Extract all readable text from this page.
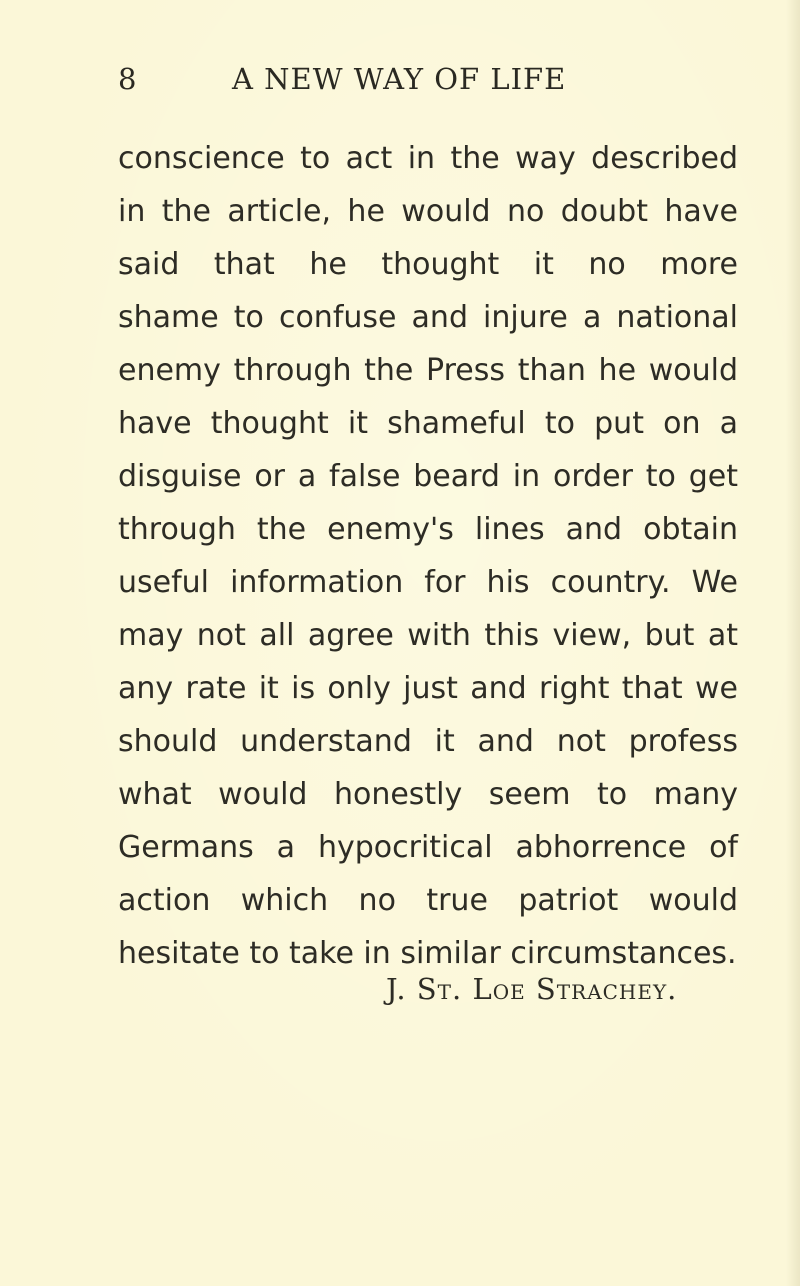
8	A NEW WAY OF LIFE
conscience to act in the way described
in the article, he would no doubt have
said that he thought it no more
shame to confuse and injure a national
enemy through the Press than he would
have thought it shameful to put on a
disguise or a false beard in order to get
through the enemy's lines and obtain
useful information for his country. We
may not all agree with this view, but at
any rate it is only just and right that we
should understand it and not profess
what would honestly seem to many
Germans a hypocritical abhorrence of
action which no true patriot would
hesitate to take in similar circumstances.
J. St. Loe Strachey.
